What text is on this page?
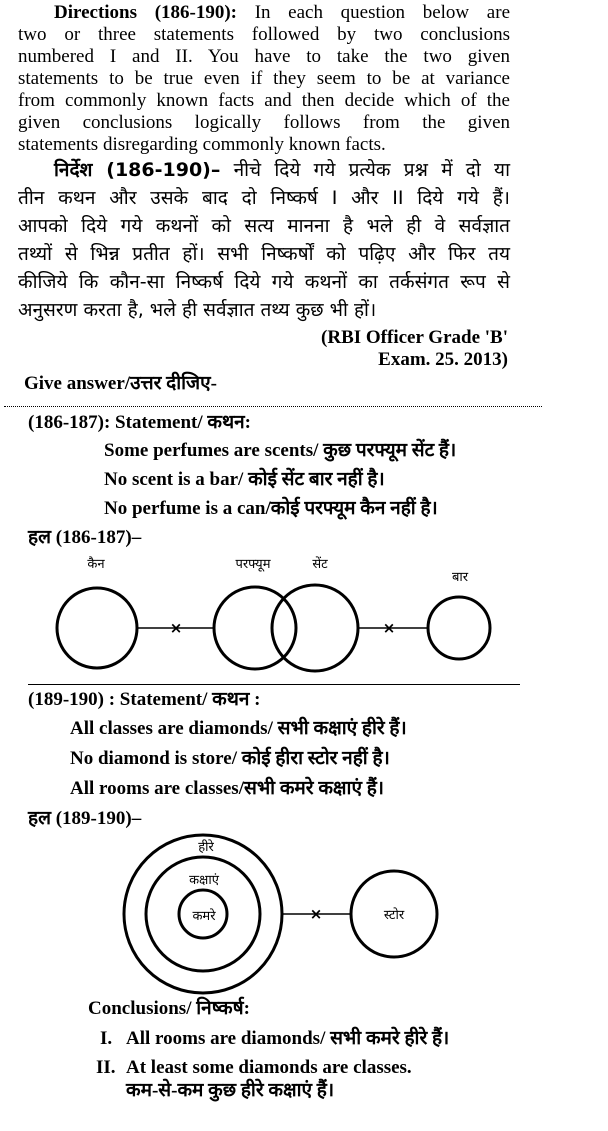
Directions (186-190): In each question below are
two or three statements followed by two conclusions
numbered I and II. You have to take the two given
statements to be true even if they seem to be at variance
from commonly known facts and then decide which of the
given conclusions logically follows from the given
statements disregarding commonly known facts.
निर्देश (186-190)– नीचे दिये गये प्रत्येक प्रश्न में दो या
तीन कथन और उसके बाद दो निष्कर्ष I और II दिये गये हैं।
आपको दिये गये कथनों को सत्य मानना है भले ही वे सर्वज्ञात
तथ्यों से भिन्न प्रतीत हों। सभी निष्कर्षों को पढ़िए और फिर तय
कीजिये कि कौन-सा निष्कर्ष दिये गये कथनों का तर्कसंगत रूप से
अनुसरण करता है, भले ही सर्वज्ञात तथ्य कुछ भी हों।
(RBI Officer Grade 'B'
Exam. 25. 2013)
Give answer/उत्तर दीजिए-
(186-187): Statement/ कथन:
Some perfumes are scents/ कुछ परफ्यूम सेंट हैं।
No scent is a bar/ कोई सेंट बार नहीं है।
No perfume is a can/कोई परफ्यूम कैन नहीं है।
हल (186-187)–
कैन	परफ्यूम	सेंट
बार
×	×
(189-190) : Statement/ कथन :
All classes are diamonds/ सभी कक्षाएं हीरे हैं।
No diamond is store/ कोई हीरा स्टोर नहीं है।
All rooms are classes/सभी कमरे कक्षाएं हैं।
हल (189-190)–
हीरे
कक्षाएं
कमरे	स्टोर
×
Conclusions/ निष्कर्ष:
I. All rooms are diamonds/ सभी कमरे हीरे हैं।
II. At least some diamonds are classes.
कम-से-कम कुछ हीरे कक्षाएं हैं।
